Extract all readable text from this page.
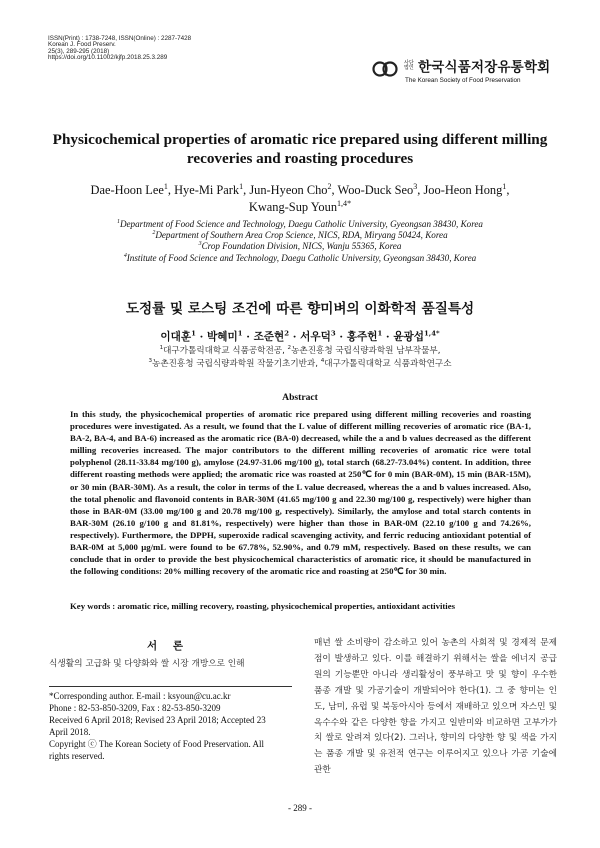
ISSN(Print) : 1738-7248, ISSN(Online) : 2287-7428
Korean J. Food Preserv.
25(3), 289-295 (2018)
https://doi.org/10.11002/kjfp.2018.25.3.289
사단 법인 한국식품저장유통학회
The Korean Society of Food Preservation
Physicochemical properties of aromatic rice prepared using different milling recoveries and roasting procedures
Dae-Hoon Lee$^1$, Hye-Mi Park$^1$, Jun-Hyeon Cho$^2$, Woo-Duck Seo$^3$, Joo-Heon Hong$^1$,
Kwang-Sup Youn$^{1,4*}$
$^1$Department of Food Science and Technology, Daegu Catholic University, Gyeongsan 38430, Korea
$^2$Department of Southern Area Crop Science, NICS, RDA, Miryang 50424, Korea
$^3$Crop Foundation Division, NICS, Wanju 55365, Korea
$^4$Institute of Food Science and Technology, Daegu Catholic University, Gyeongsan 38430, Korea
도정률 및 로스팅 조건에 따른 향미벼의 이화학적 품질특성
이대훈$^1$ · 박혜미$^1$ · 조준현$^2$ · 서우덕$^3$ · 홍주헌$^1$ · 윤광섭$^{1,4*}$
$^1$대구가톨릭대학교 식품공학전공, $^2$농촌진흥청 국립식량과학원 남부작물부,
$^3$농촌진흥청 국립식량과학원 작물기초기반과, $^4$대구가톨릭대학교 식품과학연구소
Abstract
In this study, the physicochemical properties of aromatic rice prepared using different milling recoveries and roasting procedures were investigated. As a result, we found that the L value of different milling recoveries of aromatic rice (BA-1, BA-2, BA-4, and BA-6) increased as the aromatic rice (BA-0) decreased, while the a and b values decreased as the different milling recoveries increased. The major contributors to the different milling recoveries of aromatic rice were total polyphenol (28.11-33.84 mg/100 g), amylose (24.97-31.06 mg/100 g), total starch (68.27-73.04%) content. In addition, three different roasting methods were applied; the aromatic rice was roasted at 250℃ for 0 min (BAR-0M), 15 min (BAR-15M), or 30 min (BAR-30M). As a result, the color in terms of the L value decreased, whereas the a and b values increased. Also, the total phenolic and flavonoid contents in BAR-30M (41.65 mg/100 g and 22.30 mg/100 g, respectively) were higher than those in BAR-0M (33.00 mg/100 g and 20.78 mg/100 g, respectively). Similarly, the amylose and total starch contents in BAR-30M (26.10 g/100 g and 81.81%, respectively) were higher than those in BAR-0M (22.10 g/100 g and 74.26%, respectively). Furthermore, the DPPH, superoxide radical scavenging activity, and ferric reducing antioxidant potential of BAR-0M at 5,000 μg/mL were found to be 67.78%, 52.90%, and 0.79 mM, respectively. Based on these results, we can conclude that in order to provide the best physicochemical characteristics of aromatic rice, it should be manufactured in the following conditions: 20% milling recovery of the aromatic rice and roasting at 250℃ for 30 min.
Key words : aromatic rice, milling recovery, roasting, physicochemical properties, antioxidant activities
서 론
식생활의 고급화 및 다양화와 쌀 시장 개방으로 인해
*Corresponding author. E-mail : ksyoun@cu.ac.kr
Phone : 82-53-850-3209, Fax : 82-53-850-3209
Received 6 April 2018; Revised 23 April 2018; Accepted 23
April 2018.
Copyright ⓒ The Korean Society of Food Preservation. All
rights reserved.
매년 쌀 소비량이 감소하고 있어 농촌의 사회적 및 경제적 문제점이 발생하고 있다. 이를 해결하기 위해서는 쌀을 에너지 공급원의 기능뿐만 아니라 생리활성이 풍부하고 맛 및 향이 우수한 품종 개발 및 가공기술이 개발되어야 한다(1). 그 중 향미는 인도, 남미, 유럽 및 북동아시아 등에서 재배하고 있으며 자스민 및 옥수수와 같은 다양한 향을 가지고 일반미와 비교하면 고부가가치 쌀로 알려져 있다(2). 그러나, 향미의 다양한 향 및 색을 가지는 품종 개발 및 유전적 연구는 이루어지고 있으나 가공 기술에 관한
- 289 -
